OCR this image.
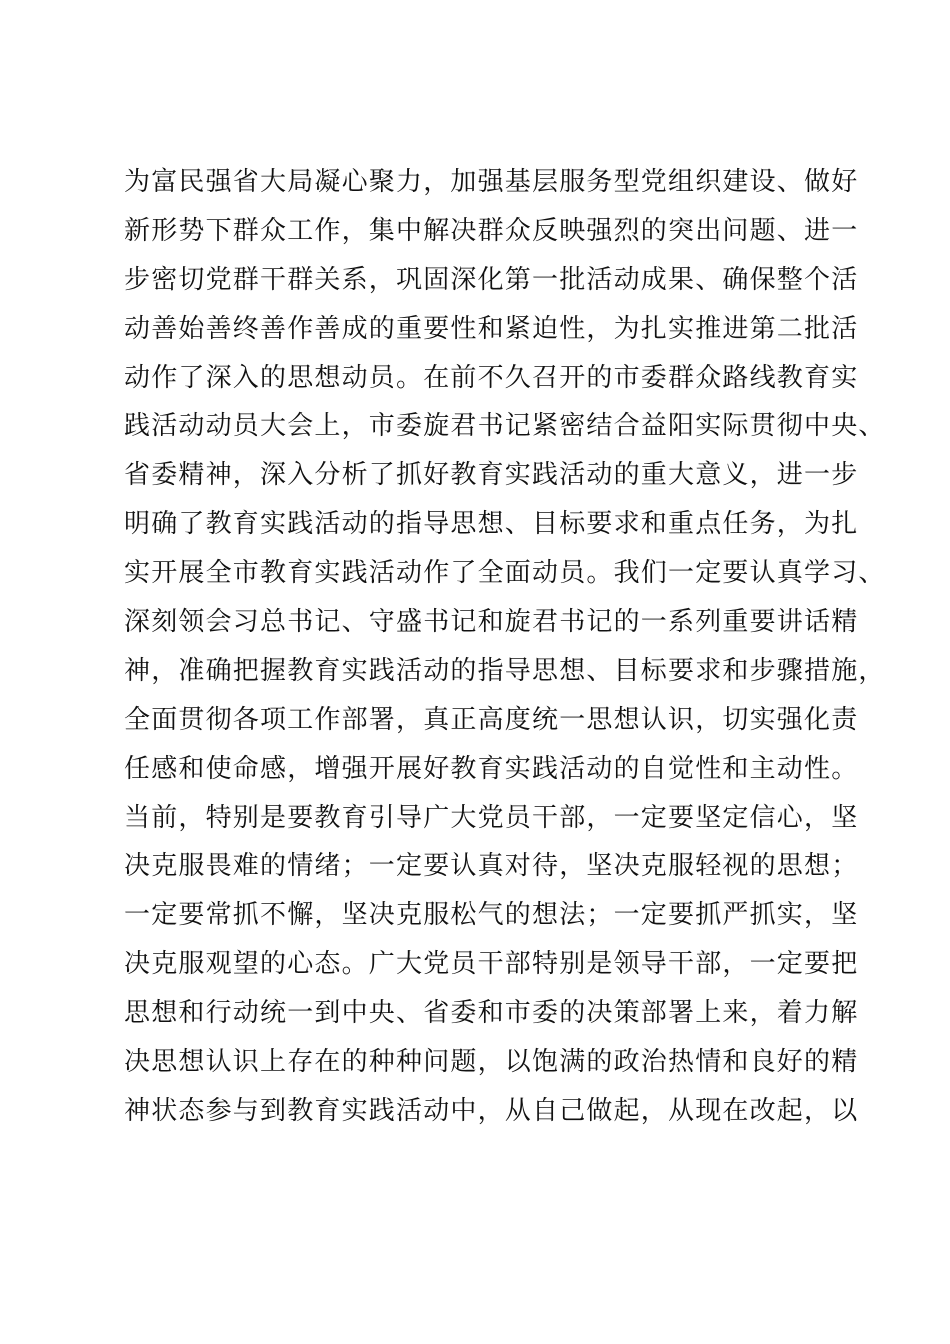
为富民强省大局凝心聚力，加强基层服务型党组织建设、做好
新形势下群众工作，集中解决群众反映强烈的突出问题、进一
步密切党群干群关系，巩固深化第一批活动成果、确保整个活
动善始善终善作善成的重要性和紧迫性，为扎实推进第二批活
动作了深入的思想动员。在前不久召开的市委群众路线教育实
践活动动员大会上，市委旋君书记紧密结合益阳实际贯彻中央、
省委精神，深入分析了抓好教育实践活动的重大意义，进一步
明确了教育实践活动的指导思想、目标要求和重点任务，为扎
实开展全市教育实践活动作了全面动员。我们一定要认真学习、
深刻领会习总书记、守盛书记和旋君书记的一系列重要讲话精
神，准确把握教育实践活动的指导思想、目标要求和步骤措施，
全面贯彻各项工作部署，真正高度统一思想认识，切实强化责
任感和使命感，增强开展好教育实践活动的自觉性和主动性。
当前，特别是要教育引导广大党员干部，一定要坚定信心，坚
决克服畏难的情绪；一定要认真对待，坚决克服轻视的思想；
一定要常抓不懈，坚决克服松气的想法；一定要抓严抓实，坚
决克服观望的心态。广大党员干部特别是领导干部，一定要把
思想和行动统一到中央、省委和市委的决策部署上来，着力解
决思想认识上存在的种种问题，以饱满的政治热情和良好的精
神状态参与到教育实践活动中，从自己做起，从现在改起，以
